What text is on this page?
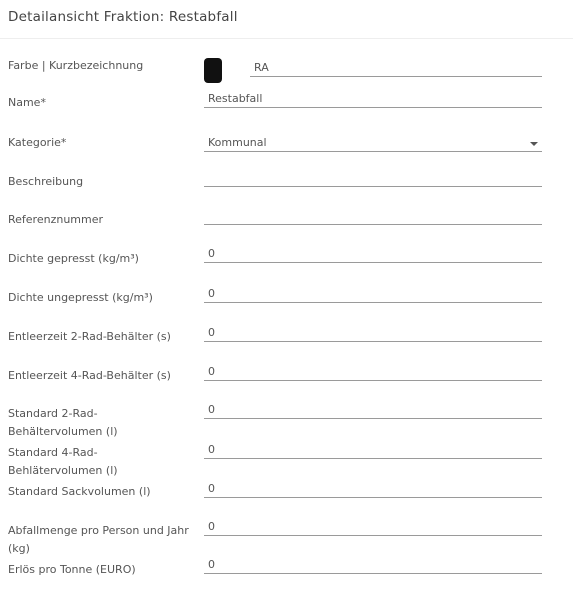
Detailansicht Fraktion: Restabfall
Farbe | Kurzbezeichnung	RA
Name*	Restabfall
Kategorie*	Kommunal
Beschreibung
Referenznummer
Dichte gepresst (kg/m³)	0
Dichte ungepresst (kg/m³)	0
Entleerzeit 2-Rad-Behälter (s)	0
Entleerzeit 4-Rad-Behälter (s)	0
Standard 2-Rad-Behältervolumen (l)
0
Standard 4-Rad-Behlätervolumen (l)
0
Standard Sackvolumen (l)	0
Abfallmenge pro Person und Jahr (kg)
0
Erlös pro Tonne (EURO)	0
